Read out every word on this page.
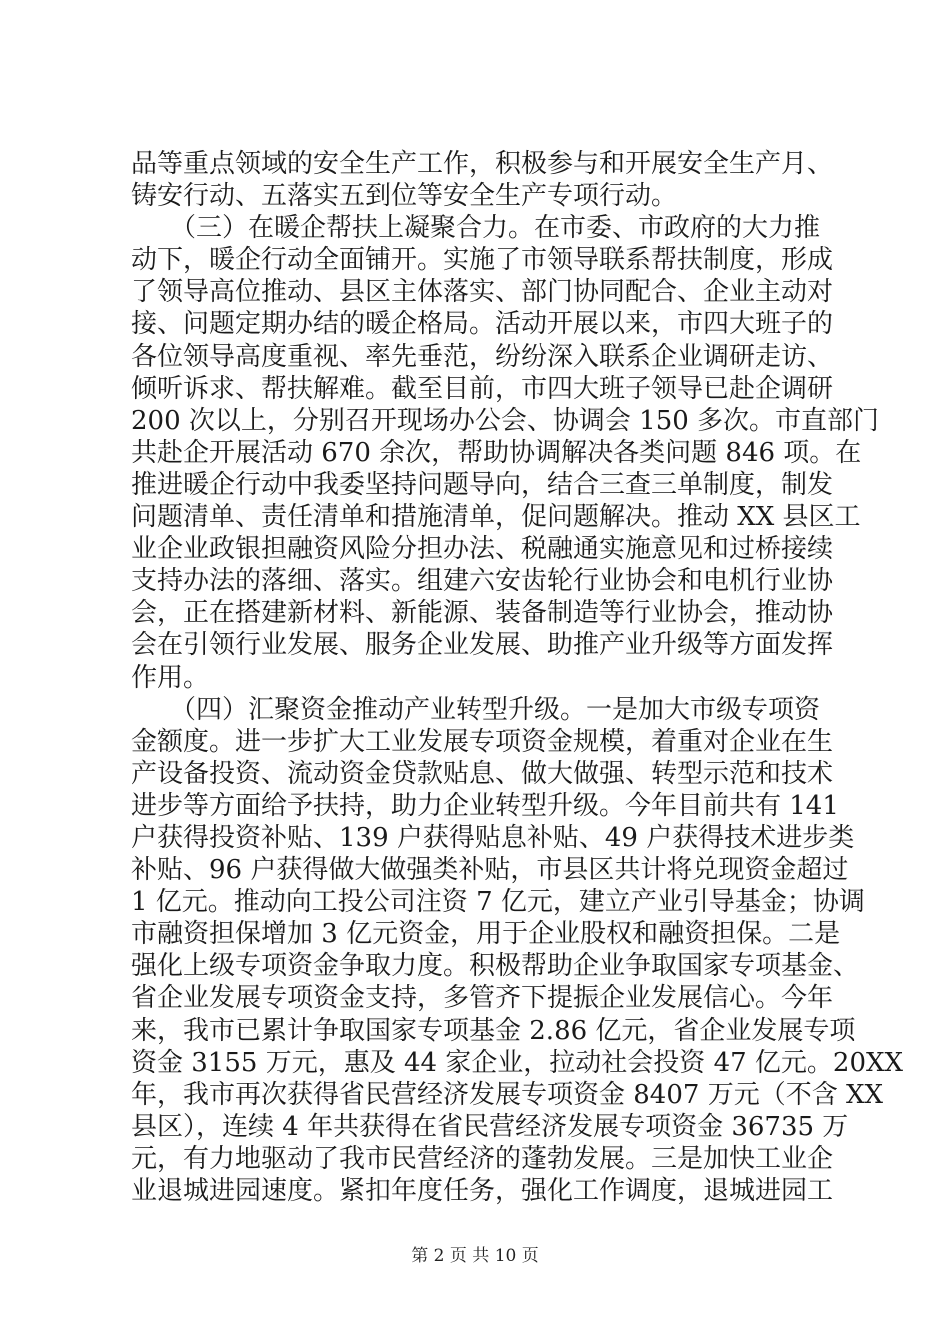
品等重点领域的安全生产工作，积极参与和开展安全生产月、
铸安行动、五落实五到位等安全生产专项行动。
　　（三）在暖企帮扶上凝聚合力。在市委、市政府的大力推
动下，暖企行动全面铺开。实施了市领导联系帮扶制度，形成
了领导高位推动、县区主体落实、部门协同配合、企业主动对
接、问题定期办结的暖企格局。活动开展以来，市四大班子的
各位领导高度重视、率先垂范，纷纷深入联系企业调研走访、
倾听诉求、帮扶解难。截至目前，市四大班子领导已赴企调研
200 次以上，分别召开现场办公会、协调会 150 多次。市直部门
共赴企开展活动 670 余次，帮助协调解决各类问题 846 项。在
推进暖企行动中我委坚持问题导向，结合三查三单制度，制发
问题清单、责任清单和措施清单，促问题解决。推动 XX 县区工
业企业政银担融资风险分担办法、税融通实施意见和过桥接续
支持办法的落细、落实。组建六安齿轮行业协会和电机行业协
会，正在搭建新材料、新能源、装备制造等行业协会，推动协
会在引领行业发展、服务企业发展、助推产业升级等方面发挥
作用。
　　（四）汇聚资金推动产业转型升级。一是加大市级专项资
金额度。进一步扩大工业发展专项资金规模，着重对企业在生
产设备投资、流动资金贷款贴息、做大做强、转型示范和技术
进步等方面给予扶持，助力企业转型升级。今年目前共有 141
户获得投资补贴、139 户获得贴息补贴、49 户获得技术进步类
补贴、96 户获得做大做强类补贴，市县区共计将兑现资金超过
1 亿元。推动向工投公司注资 7 亿元，建立产业引导基金；协调
市融资担保增加 3 亿元资金，用于企业股权和融资担保。二是
强化上级专项资金争取力度。积极帮助企业争取国家专项基金、
省企业发展专项资金支持，多管齐下提振企业发展信心。今年
来，我市已累计争取国家专项基金 2.86 亿元，省企业发展专项
资金 3155 万元，惠及 44 家企业，拉动社会投资 47 亿元。20XX
年，我市再次获得省民营经济发展专项资金 8407 万元（不含 XX
县区），连续 4 年共获得在省民营经济发展专项资金 36735 万
元，有力地驱动了我市民营经济的蓬勃发展。三是加快工业企
业退城进园速度。紧扣年度任务，强化工作调度，退城进园工
第 2 页 共 10 页
